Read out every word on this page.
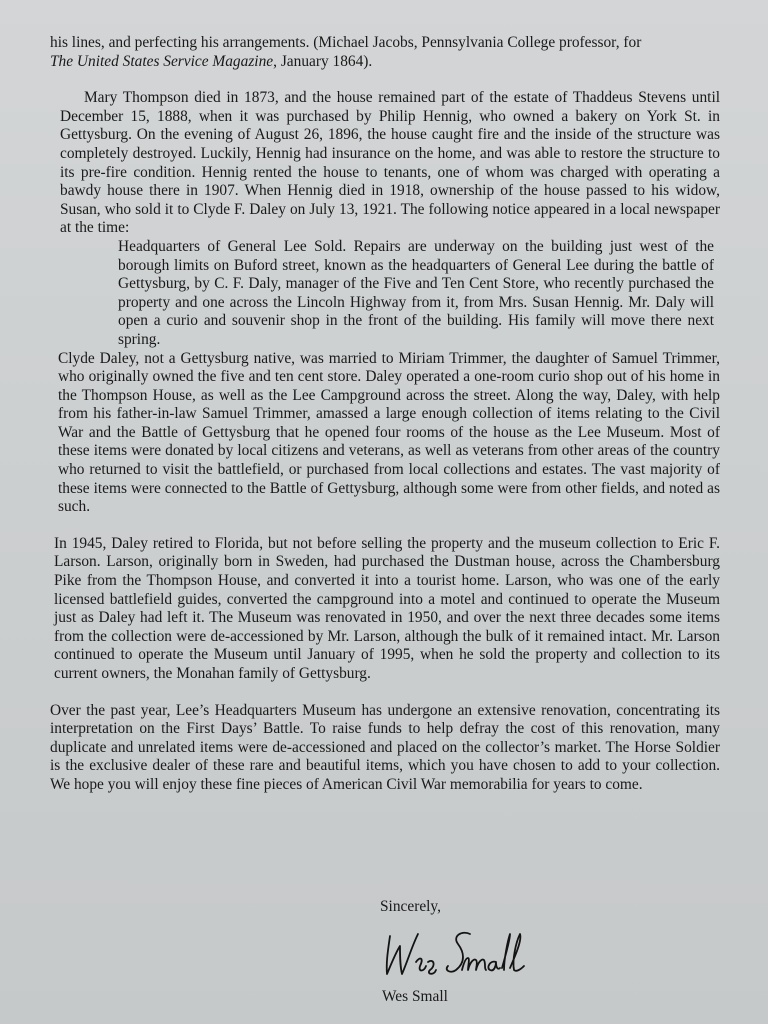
his lines, and perfecting his arrangements. (Michael Jacobs, Pennsylvania College professor, for
The United States Service Magazine, January 1864).

Mary Thompson died in 1873, and the house remained part of the estate of Thaddeus Stevens until December 15, 1888, when it was purchased by Philip Hennig, who owned a bakery on York St. in Gettysburg. On the evening of August 26, 1896, the house caught fire and the inside of the structure was completely destroyed. Luckily, Hennig had insurance on the home, and was able to restore the structure to its pre-fire condition. Hennig rented the house to tenants, one of whom was charged with operating a bawdy house there in 1907. When Hennig died in 1918, ownership of the house passed to his widow, Susan, who sold it to Clyde F. Daley on July 13, 1921. The following notice appeared in a local newspaper at the time:

Headquarters of General Lee Sold. Repairs are underway on the building just west of the borough limits on Buford street, known as the headquarters of General Lee during the battle of Gettysburg, by C. F. Daly, manager of the Five and Ten Cent Store, who recently purchased the property and one across the Lincoln Highway from it, from Mrs. Susan Hennig. Mr. Daly will open a curio and souvenir shop in the front of the building. His family will move there next spring.

Clyde Daley, not a Gettysburg native, was married to Miriam Trimmer, the daughter of Samuel Trimmer, who originally owned the five and ten cent store. Daley operated a one-room curio shop out of his home in the Thompson House, as well as the Lee Campground across the street. Along the way, Daley, with help from his father-in-law Samuel Trimmer, amassed a large enough collection of items relating to the Civil War and the Battle of Gettysburg that he opened four rooms of the house as the Lee Museum. Most of these items were donated by local citizens and veterans, as well as veterans from other areas of the country who returned to visit the battlefield, or purchased from local collections and estates. The vast majority of these items were connected to the Battle of Gettysburg, although some were from other fields, and noted as such.

In 1945, Daley retired to Florida, but not before selling the property and the museum collection to Eric F. Larson. Larson, originally born in Sweden, had purchased the Dustman house, across the Chambersburg Pike from the Thompson House, and converted it into a tourist home. Larson, who was one of the early licensed battlefield guides, converted the campground into a motel and continued to operate the Museum just as Daley had left it. The Museum was renovated in 1950, and over the next three decades some items from the collection were de-accessioned by Mr. Larson, although the bulk of it remained intact. Mr. Larson continued to operate the Museum until January of 1995, when he sold the property and collection to its current owners, the Monahan family of Gettysburg.

Over the past year, Lee’s Headquarters Museum has undergone an extensive renovation, concentrating its interpretation on the First Days’ Battle. To raise funds to help defray the cost of this renovation, many duplicate and unrelated items were de-accessioned and placed on the collector’s market. The Horse Soldier is the exclusive dealer of these rare and beautiful items, which you have chosen to add to your collection. We hope you will enjoy these fine pieces of American Civil War memorabilia for years to come.

Sincerely,
Wes Small
